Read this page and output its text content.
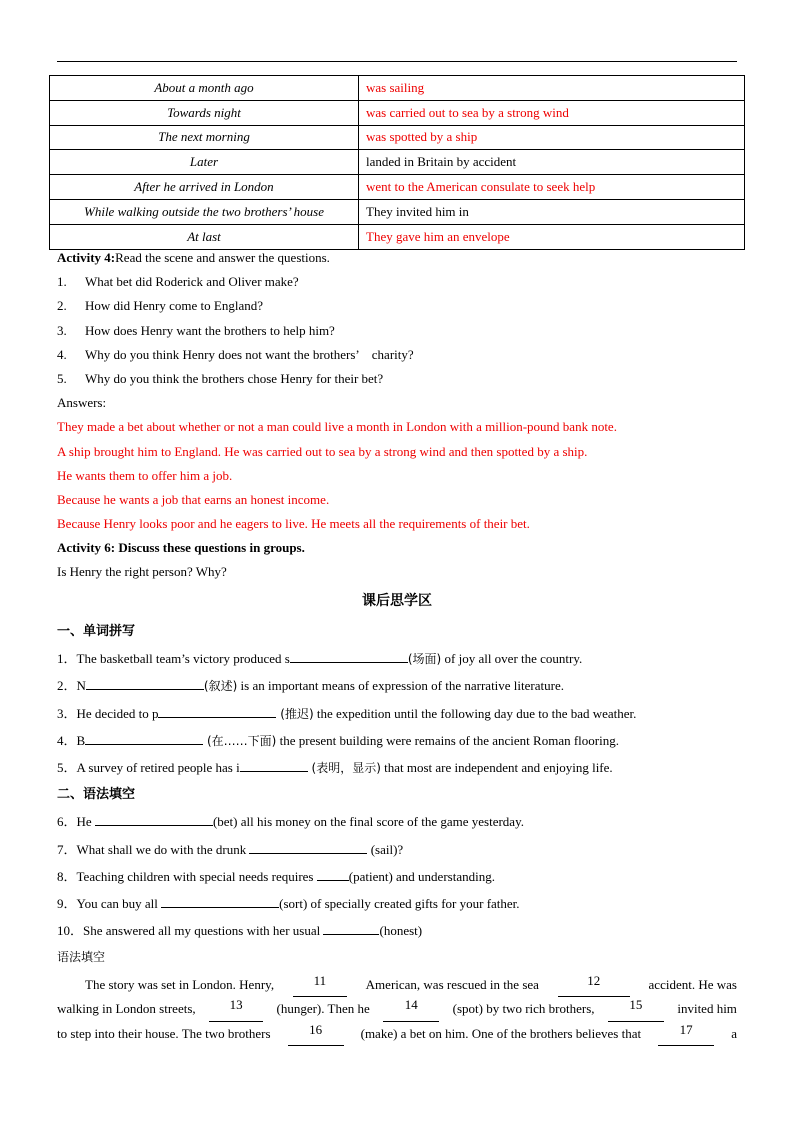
About a month ago	was sailing
Towards night	was carried out to sea by a strong wind
The next morning	was spotted by a ship
Later	landed in Britain by accident
After he arrived in London	went to the American consulate to seek help
While walking outside the two brothers’ house	They invited him in
At last	They gave him an envelope
Activity 4:Read the scene and answer the questions.
1. What bet did Roderick and Oliver make?
2. How did Henry come to England?
3. How does Henry want the brothers to help him?
4. Why do you think Henry does not want the brothers’　charity?
5. Why do you think the brothers chose Henry for their bet?
Answers:
They made a bet about whether or not a man could live a month in London with a million-pound bank note.
A ship brought him to England. He was carried out to sea by a strong wind and then spotted by a ship.
He wants them to offer him a job.
Because he wants a job that earns an honest income.
Because Henry looks poor and he eagers to live. He meets all the requirements of their bet.
Activity 6: Discuss these questions in groups.
Is Henry the right person? Why?
课后思学区
一、单词拼写
1．The basketball team’s victory produced s	(场面) of joy all over the country.
2．N	(叙述) is an important means of expression of the narrative literature.
3．He decided to p	(推迟) the expedition until the following day due to the bad weather.
4．B	(在……下面) the present building were remains of the ancient Roman flooring.
5．A survey of retired people has i	(表明，显示) that most are independent and enjoying life.
二、语法填空
6．He	(bet) all his money on the final score of the game yesterday.
7．What shall we do with the drunk	(sail)?
8．Teaching children with special needs requires (patient) and understanding.
9．You can buy all	(sort) of specially created gifts for your father.
10．She answered all my questions with her usual	(honest)
语法填空
The story was set in London. Henry,	11	American, was rescued in the sea	12	accident. He was
walking in London streets,	13	(hunger). Then he	14	(spot) by two rich brothers,	15	invited him
to step into their house. The two brothers	16	(make) a bet on him. One of the brothers believes that	17	a
